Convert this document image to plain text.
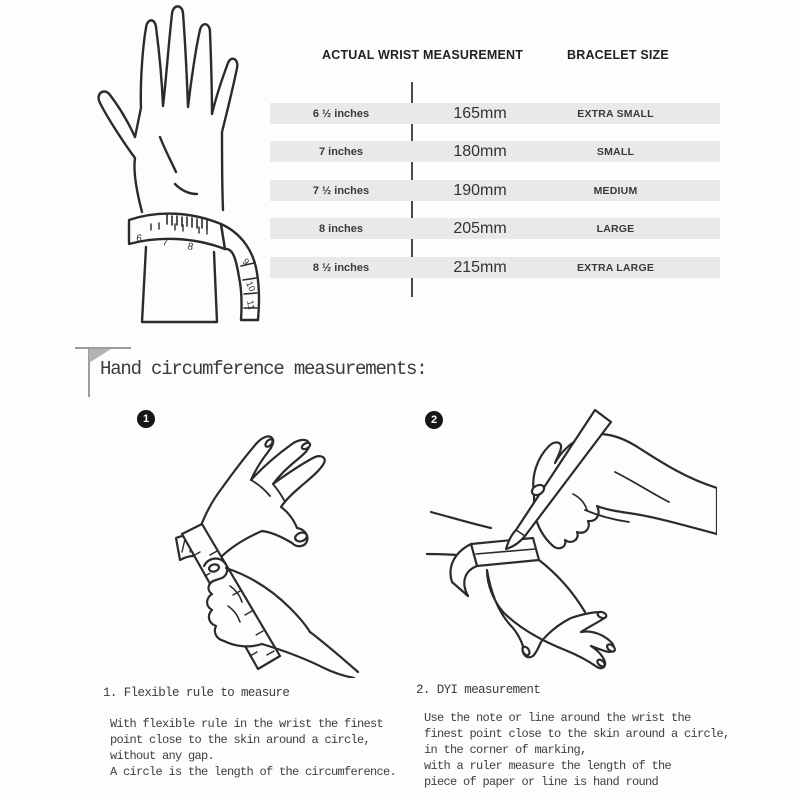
6 7 8
9
10
11
ACTUAL WRIST MEASUREMENT	BRACELET SIZE
6 ½ inches	165mm	EXTRA SMALL
7 inches	180mm	SMALL
7 ½ inches	190mm	MEDIUM
8 inches	205mm	LARGE
8 ½ inches	215mm	EXTRA LARGE
Hand circumference measurements:
1	2
1. Flexible rule to measure	2. DYI measurement
With flexible rule in the wrist the finest
point close to the skin around a circle,
without any gap.
A circle is the length of the circumference.
Use the note or line around the wrist the
finest point close to the skin around a circle,
in the corner of marking,
with a ruler measure the length of the
piece of paper or line is hand round
